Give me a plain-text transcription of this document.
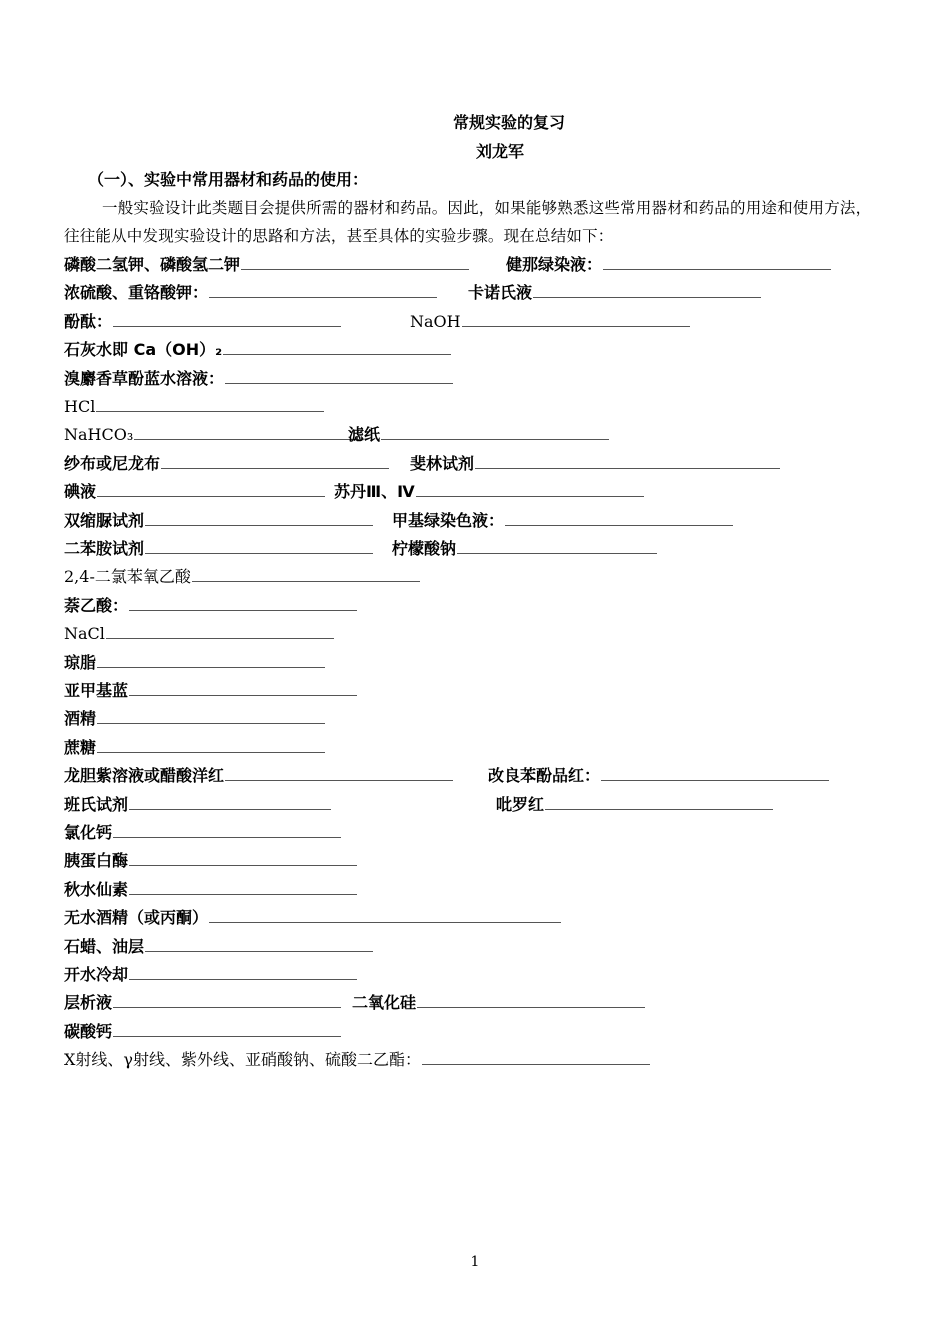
常规实验的复习
刘龙军
（一）、实验中常用器材和药品的使用：
一般实验设计此类题目会提供所需的器材和药品。因此，如果能够熟悉这些常用器材和药品的用途和使用方法，往往能从中发现实验设计的思路和方法，甚至具体的实验步骤。现在总结如下：
磷酸二氢钾、磷酸氢二钾	健那绿染液：
浓硫酸、重铬酸钾：	卡诺氏液
酚酞：	NaOH
石灰水即 Ca（OH）₂
溴麝香草酚蓝水溶液：
HCl
NaHCO₃	滤纸
纱布或尼龙布	斐林试剂
碘液	苏丹Ⅲ、Ⅳ
双缩脲试剂	甲基绿染色液：
二苯胺试剂	柠檬酸钠
2,4-二氯苯氧乙酸
萘乙酸：
NaCl
琼脂
亚甲基蓝
酒精
蔗糖
龙胆紫溶液或醋酸洋红	改良苯酚品红：
班氏试剂	吡罗红
氯化钙
胰蛋白酶
秋水仙素
无水酒精（或丙酮）
石蜡、油层
开水冷却
层析液	二氧化硅
碳酸钙
X射线、γ射线、紫外线、亚硝酸钠、硫酸二乙酯：
1
